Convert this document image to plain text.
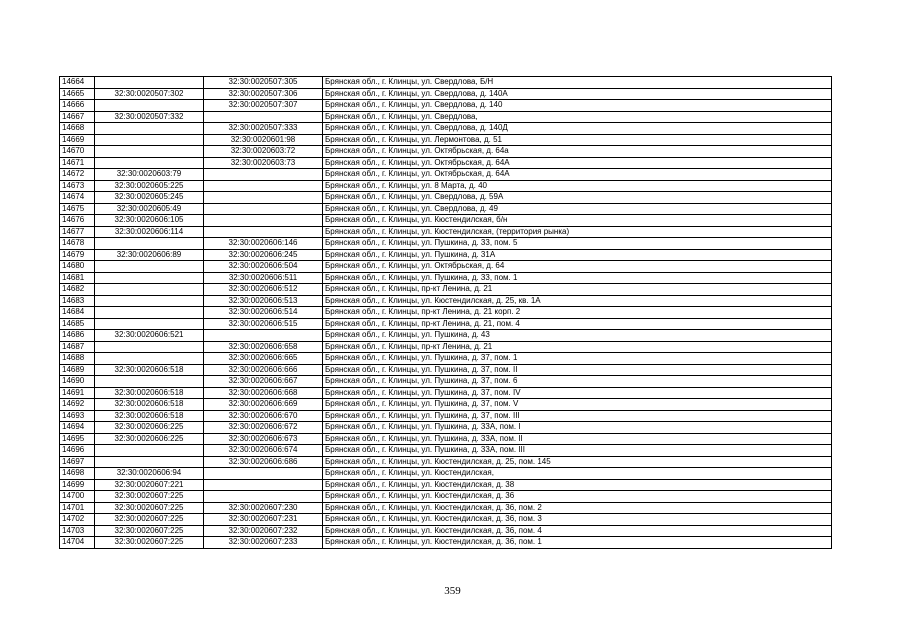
14664		32:30:0020507:305	Брянская обл., г. Клинцы, ул. Свердлова, Б/Н
14665	32:30:0020507:302	32:30:0020507:306	Брянская обл., г. Клинцы, ул. Свердлова, д. 140А
14666		32:30:0020507:307	Брянская обл., г. Клинцы, ул. Свердлова, д. 140
14667	32:30:0020507:332		Брянская обл., г. Клинцы, ул. Свердлова,
14668		32:30:0020507:333	Брянская обл., г. Клинцы, ул. Свердлова, д. 140Д
14669		32:30:0020601:98	Брянская обл., г. Клинцы, ул. Лермонтова, д. 51
14670		32:30:0020603:72	Брянская обл., г. Клинцы, ул. Октябрьская, д. 64а
14671		32:30:0020603:73	Брянская обл., г. Клинцы, ул. Октябрьская, д. 64А
14672	32:30:0020603:79		Брянская обл., г. Клинцы, ул. Октябрьская, д. 64А
14673	32:30:0020605:225		Брянская обл., г. Клинцы, ул. 8 Марта, д. 40
14674	32:30:0020605:245		Брянская обл., г. Клинцы, ул. Свердлова, д. 59А
14675	32:30:0020605:49		Брянская обл., г. Клинцы, ул. Свердлова, д. 49
14676	32:30:0020606:105		Брянская обл., г. Клинцы, ул. Кюстендилская, б/н
14677	32:30:0020606:114		Брянская обл., г. Клинцы, ул. Кюстендилская, (территория рынка)
14678		32:30:0020606:146	Брянская обл., г. Клинцы, ул. Пушкина, д. 33, пом. 5
14679	32:30:0020606:89	32:30:0020606:245	Брянская обл., г. Клинцы, ул. Пушкина, д. 31А
14680		32:30:0020606:504	Брянская обл., г. Клинцы, ул. Октябрьская, д. 64
14681		32:30:0020606:511	Брянская обл., г. Клинцы, ул. Пушкина, д. 33, пом. 1
14682		32:30:0020606:512	Брянская обл., г. Клинцы, пр-кт Ленина, д. 21
14683		32:30:0020606:513	Брянская обл., г. Клинцы, ул. Кюстендилская, д. 25, кв. 1А
14684		32:30:0020606:514	Брянская обл., г. Клинцы, пр-кт Ленина, д. 21 корп. 2
14685		32:30:0020606:515	Брянская обл., г. Клинцы, пр-кт Ленина, д. 21, пом. 4
14686	32:30:0020606:521		Брянская обл., г. Клинцы, ул. Пушкина, д. 43
14687		32:30:0020606:658	Брянская обл., г. Клинцы, пр-кт Ленина, д. 21
14688		32:30:0020606:665	Брянская обл., г. Клинцы, ул. Пушкина, д. 37, пом. 1
14689	32:30:0020606:518	32:30:0020606:666	Брянская обл., г. Клинцы, ул. Пушкина, д. 37, пом. II
14690		32:30:0020606:667	Брянская обл., г. Клинцы, ул. Пушкина, д. 37, пом. 6
14691	32:30:0020606:518	32:30:0020606:668	Брянская обл., г. Клинцы, ул. Пушкина, д. 37, пом. IV
14692	32:30:0020606:518	32:30:0020606:669	Брянская обл., г. Клинцы, ул. Пушкина, д. 37, пом. V
14693	32:30:0020606:518	32:30:0020606:670	Брянская обл., г. Клинцы, ул. Пушкина, д. 37, пом. III
14694	32:30:0020606:225	32:30:0020606:672	Брянская обл., г. Клинцы, ул. Пушкина, д. 33А, пом. I
14695	32:30:0020606:225	32:30:0020606:673	Брянская обл., г. Клинцы, ул. Пушкина, д. 33А, пом. II
14696		32:30:0020606:674	Брянская обл., г. Клинцы, ул. Пушкина, д. 33А, пом. III
14697		32:30:0020606:686	Брянская обл., г. Клинцы, ул. Кюстендилская, д. 25, пом. 145
14698	32:30:0020606:94		Брянская обл., г. Клинцы, ул. Кюстендилская,
14699	32:30:0020607:221		Брянская обл., г. Клинцы, ул. Кюстендилская, д. 38
14700	32:30:0020607:225		Брянская обл., г. Клинцы, ул. Кюстендилская, д. 36
14701	32:30:0020607:225	32:30:0020607:230	Брянская обл., г. Клинцы, ул. Кюстендилская, д. 36, пом. 2
14702	32:30:0020607:225	32:30:0020607:231	Брянская обл., г. Клинцы, ул. Кюстендилская, д. 36, пом. 3
14703	32:30:0020607:225	32:30:0020607:232	Брянская обл., г. Клинцы, ул. Кюстендилская, д. 36, пом. 4
14704	32:30:0020607:225	32:30:0020607:233	Брянская обл., г. Клинцы, ул. Кюстендилская, д. 36, пом. 1
359
